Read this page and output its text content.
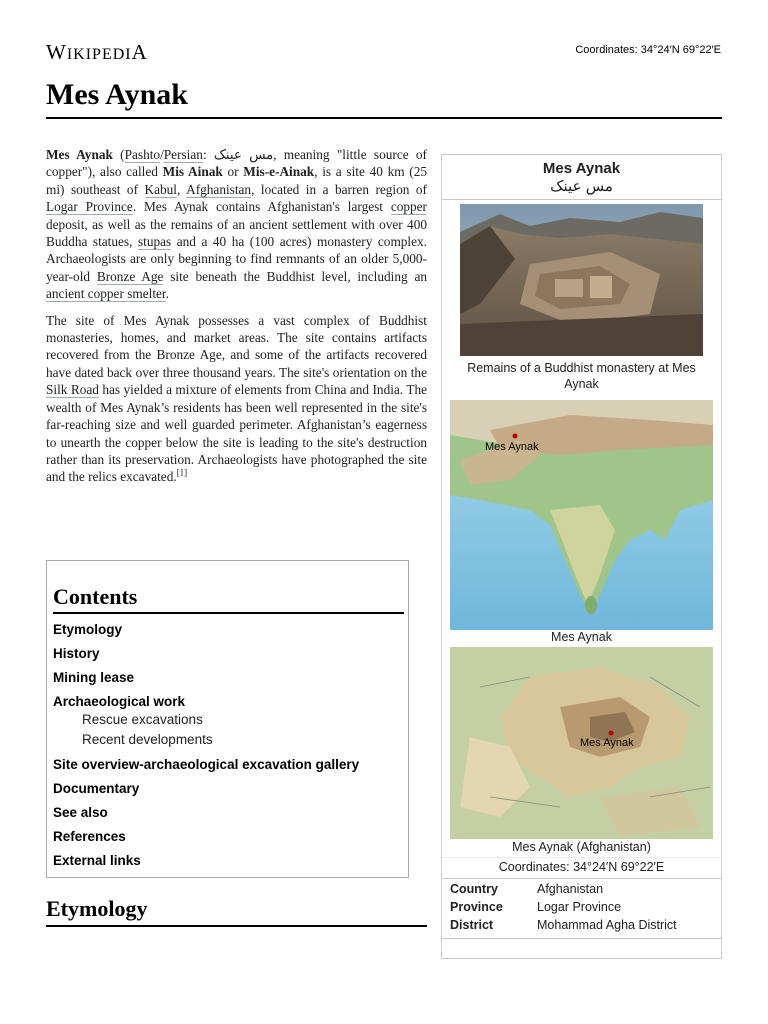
WIKIPEDIA	Coordinates: 34°24′N 69°22′E
Mes Aynak

Mes Aynak (Pashto/Persian: مس عینک, meaning "little source of copper"), also called Mis Ainak or Mis-e-Ainak, is a site 40 km (25 mi) southeast of Kabul, Afghanistan, located in a barren region of Logar Province. Mes Aynak contains Afghanistan's largest copper deposit, as well as the remains of an ancient settlement with over 400 Buddha statues, stupas and a 40 ha (100 acres) monastery complex. Archaeologists are only beginning to find remnants of an older 5,000-year-old Bronze Age site beneath the Buddhist level, including an ancient copper smelter.

The site of Mes Aynak possesses a vast complex of Buddhist monasteries, homes, and market areas. The site contains artifacts recovered from the Bronze Age, and some of the artifacts recovered have dated back over three thousand years. The site's orientation on the Silk Road has yielded a mixture of elements from China and India. The wealth of Mes Aynak’s residents has been well represented in the site's far-reaching size and well guarded perimeter. Afghanistan’s eagerness to unearth the copper below the site is leading to the site's destruction rather than its preservation. Archaeologists have photographed the site and the relics excavated.[1]

Contents
Etymology
History
Mining lease
Archaeological work
Rescue excavations
Recent developments
Site overview-archaeological excavation gallery
Documentary
See also
References
External links
Etymology
Mes Aynak
مس عینک
Remains of a Buddhist monastery at Mes Aynak
Mes Aynak
Mes Aynak
Mes Aynak
Mes Aynak (Afghanistan)
Coordinates: 34°24′N 69°22′E
Country	Afghanistan
Province	Logar Province
District	Mohammad Agha District
